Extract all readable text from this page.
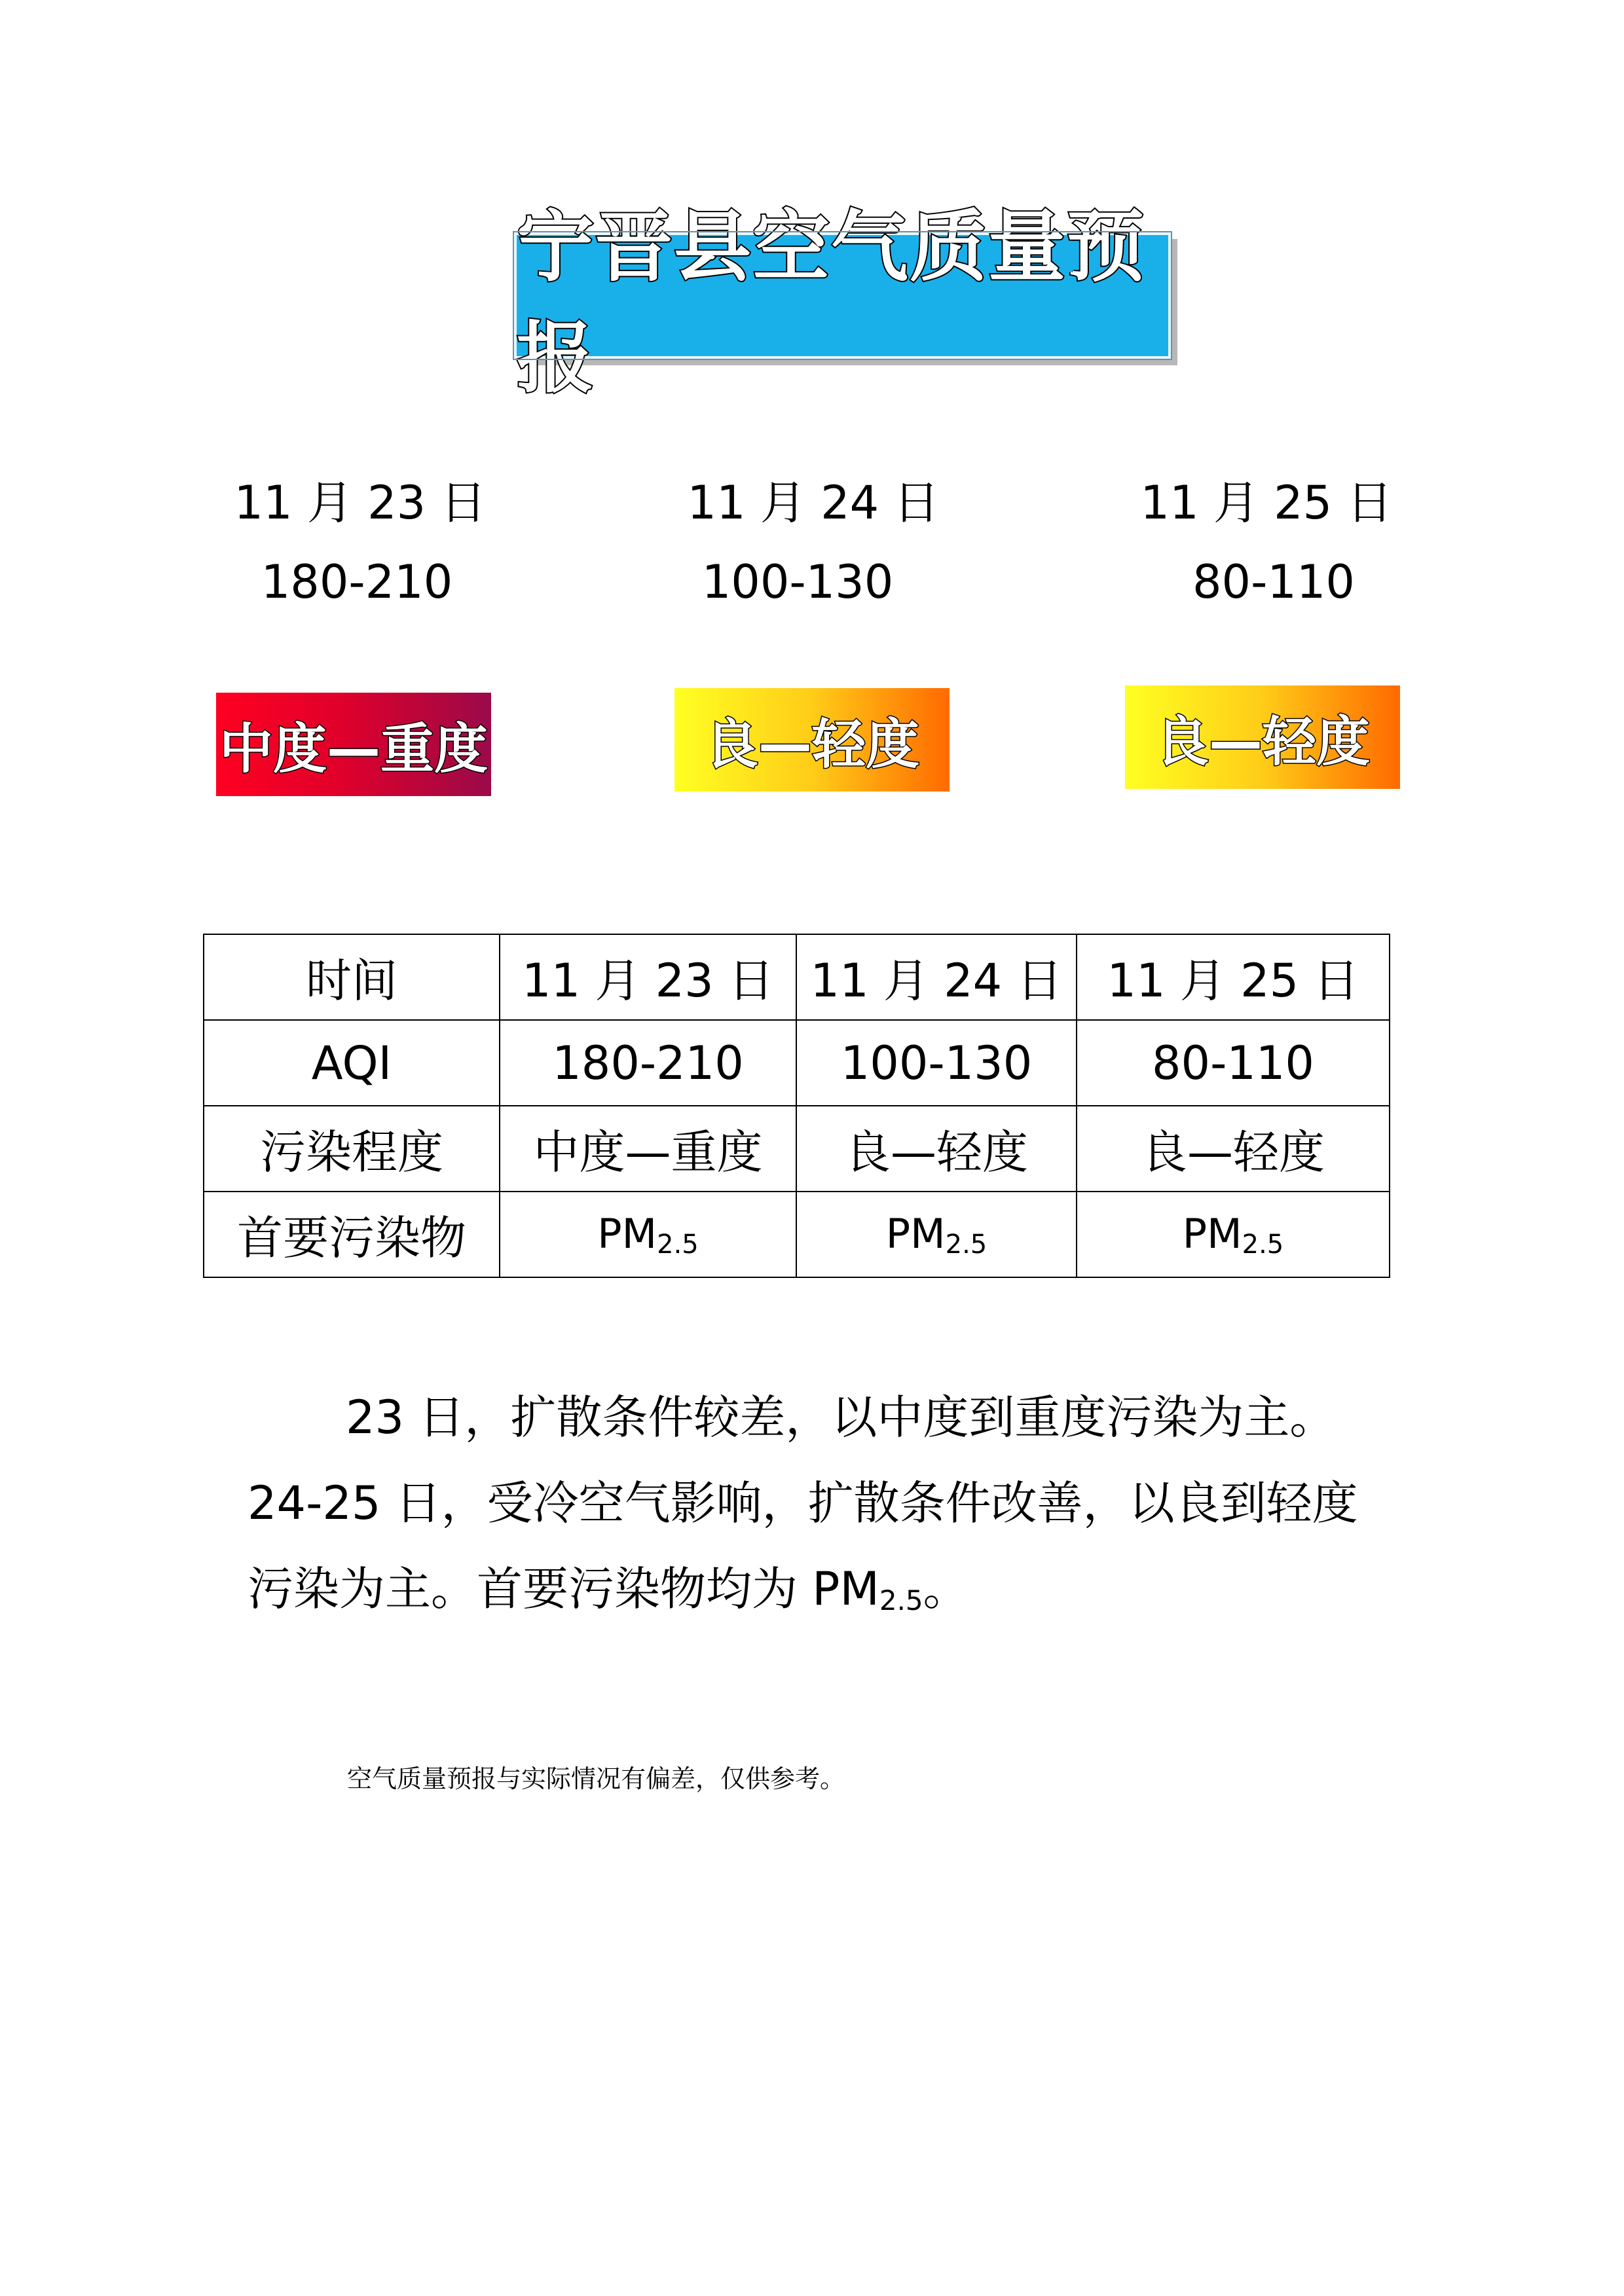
宁晋县空气质量预报
11 月 23 日	11 月 24 日	11 月 25 日
180-210	100-130	80-110
中度—重度	良—轻度	良—轻度
时间	11 月 23 日	11 月 24 日	11 月 25 日
AQI	180-210	100-130	80-110
污染程度	中度—重度	良—轻度	良—轻度
首要污染物	$PM_{2.5}$	$PM_{2.5}$	$PM_{2.5}$

23 日，扩散条件较差，以中度到重度污染为主。24-25 日，受冷空气影响，扩散条件改善，以良到轻度污染为主。首要污染物均为 $PM_{2.5}$。

空气质量预报与实际情况有偏差，仅供参考。
